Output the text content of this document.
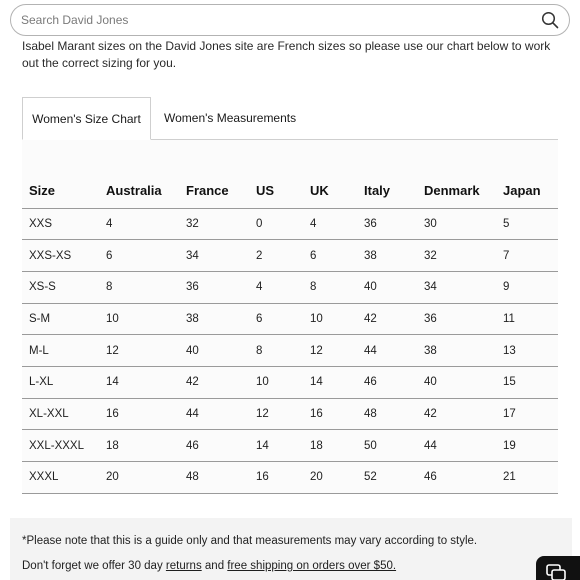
Search David Jones

Isabel Marant sizes on the David Jones site are French sizes so please use our chart below to work out the correct sizing for you.

Women's Size Chart	Women's Measurements
Size	Australia	France	US	UK	Italy	Denmark	Japan
XXS	4	32	0	4	36	30	5
XXS-XS	6	34	2	6	38	32	7
XS-S	8	36	4	8	40	34	9
S-M	10	38	6	10	42	36	11
M-L	12	40	8	12	44	38	13
L-XL	14	42	10	14	46	40	15
XL-XXL	16	44	12	16	48	42	17
XXL-XXXL	18	46	14	18	50	44	19
XXXL	20	48	16	20	52	46	21
*Please note that this is a guide only and that measurements may vary according to style.
Don't forget we offer 30 day returns and free shipping on orders over $50.
